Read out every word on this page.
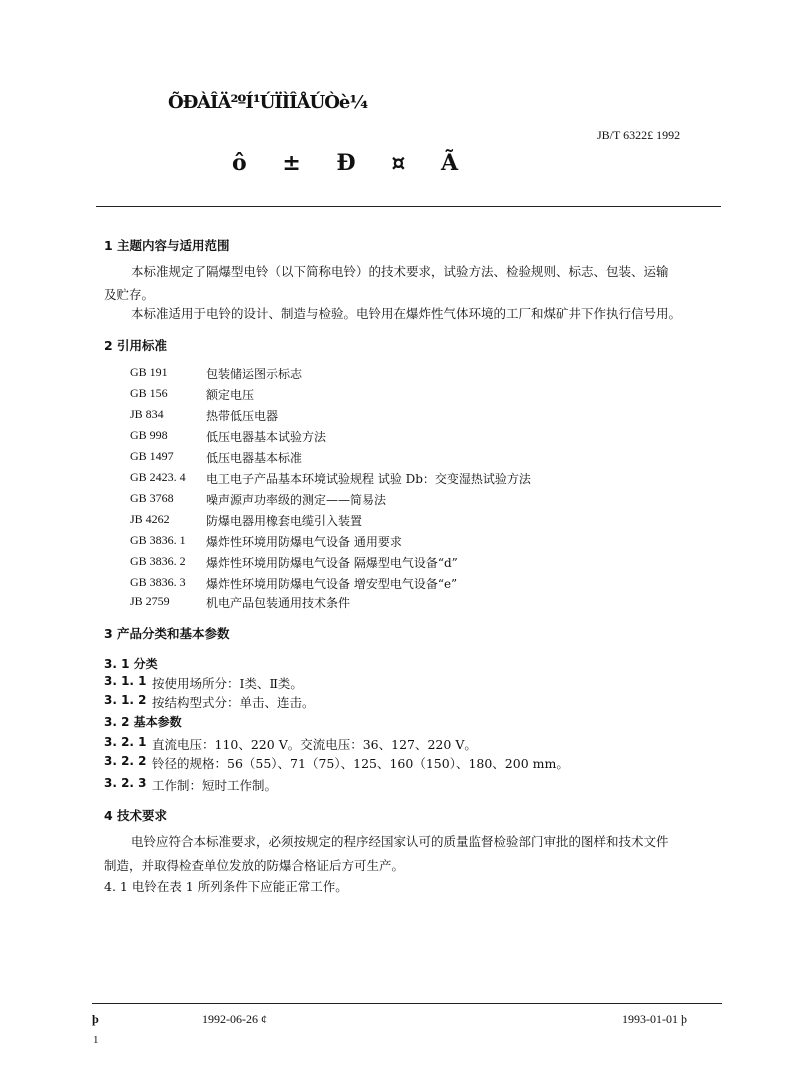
ÕÐÀÎÄ²ºÍ¹ÚÏÌÎÅÚÒè¼
JB/T 6322£ 1992
ô ± Ð ¤ Ã
1 主题内容与适用范围
本标准规定了隔爆型电铃（以下简称电铃）的技术要求，试验方法、检验规则、标志、包装、运输
及贮存。
本标准适用于电铃的设计、制造与检验。电铃用在爆炸性气体环境的工厂和煤矿井下作执行信号用。
2 引用标准
GB 191	包装储运图示标志
GB 156	额定电压
JB 834	热带低压电器
GB 998	低压电器基本试验方法
GB 1497	低压电器基本标准
GB 2423. 4 电工电子产品基本环境试验规程 试验 Db：交变湿热试验方法
GB 3768	噪声源声功率级的测定——简易法
JB 4262	防爆电器用橡套电缆引入装置
GB 3836. 1 爆炸性环境用防爆电气设备 通用要求
GB 3836. 2 爆炸性环境用防爆电气设备 隔爆型电气设备“d”
GB 3836. 3 爆炸性环境用防爆电气设备 增安型电气设备“e”
JB 2759	机电产品包装通用技术条件
3 产品分类和基本参数
3. 1 分类
3. 1. 1 按使用场所分：Ⅰ类、Ⅱ类。
3. 1. 2 按结构型式分：单击、连击。
3. 2 基本参数
3. 2. 1 直流电压：110、220 V。交流电压：36、127、220 V。
3. 2. 2 铃径的规格：56（55）、71（75）、125、160（150）、180、200 mm。
3. 2. 3 工作制：短时工作制。
4 技术要求
电铃应符合本标准要求，必须按规定的程序经国家认可的质量监督检验部门审批的图样和技术文件
制造，并取得检查单位发放的防爆合格证后方可生产。
4. 1 电铃在表 1 所列条件下应能正常工作。
þ	1992-06-26 ¢	1993-01-01 þ
1
